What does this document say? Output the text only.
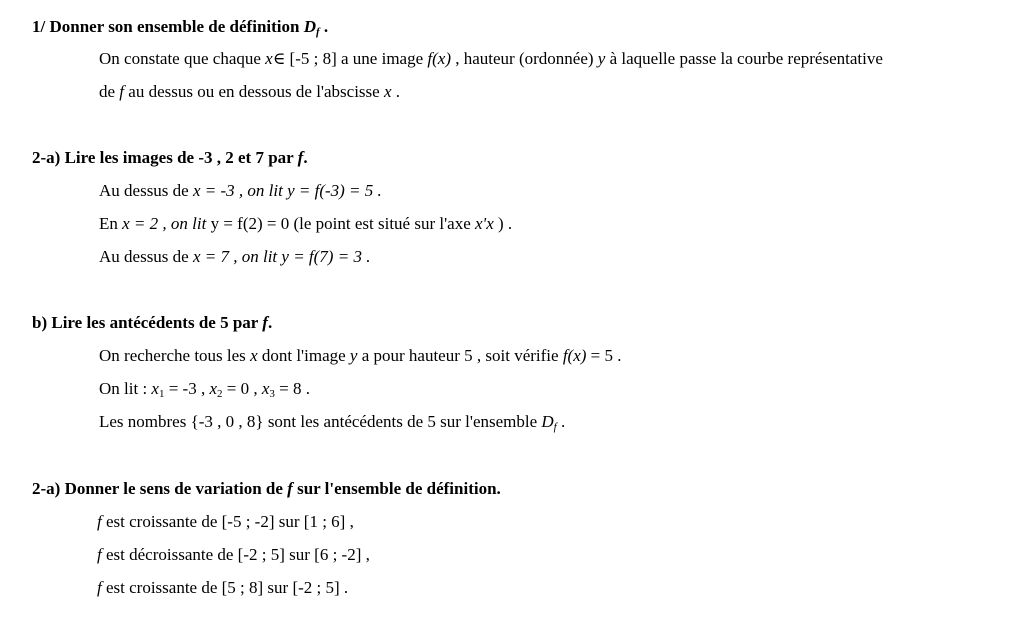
1/ Donner son ensemble de définition $D_f$ .
On constate que chaque x∈ [-5 ; 8] a une image f(x) , hauteur (ordonnée) y à laquelle passe la courbe représentative
de f au dessus ou en dessous de l'abscisse x .
2-a) Lire les images de -3 , 2 et 7 par f.
Au dessus de x = -3 , on lit y = f(-3) = 5 .
En x = 2 , on lit y = f(2) = 0 (le point est situé sur l'axe x'x ) .
Au dessus de x = 7 , on lit y = f(7) = 3 .
b) Lire les antécédents de 5 par f.
On recherche tous les x dont l'image y a pour hauteur 5 , soit vérifie f(x) = 5 .
On lit : $x_1 = -3$ , $x_2 = 0$ , $x_3 = 8$ .
Les nombres {-3 , 0 , 8} sont les antécédents de 5 sur l'ensemble $D_f$ .
2-a) Donner le sens de variation de f sur l'ensemble de définition.
f est croissante de [-5 ; -2] sur [1 ; 6] ,
f est décroissante de [-2 ; 5] sur [6 ; -2] ,
f est croissante de [5 ; 8] sur [-2 ; 5] .
